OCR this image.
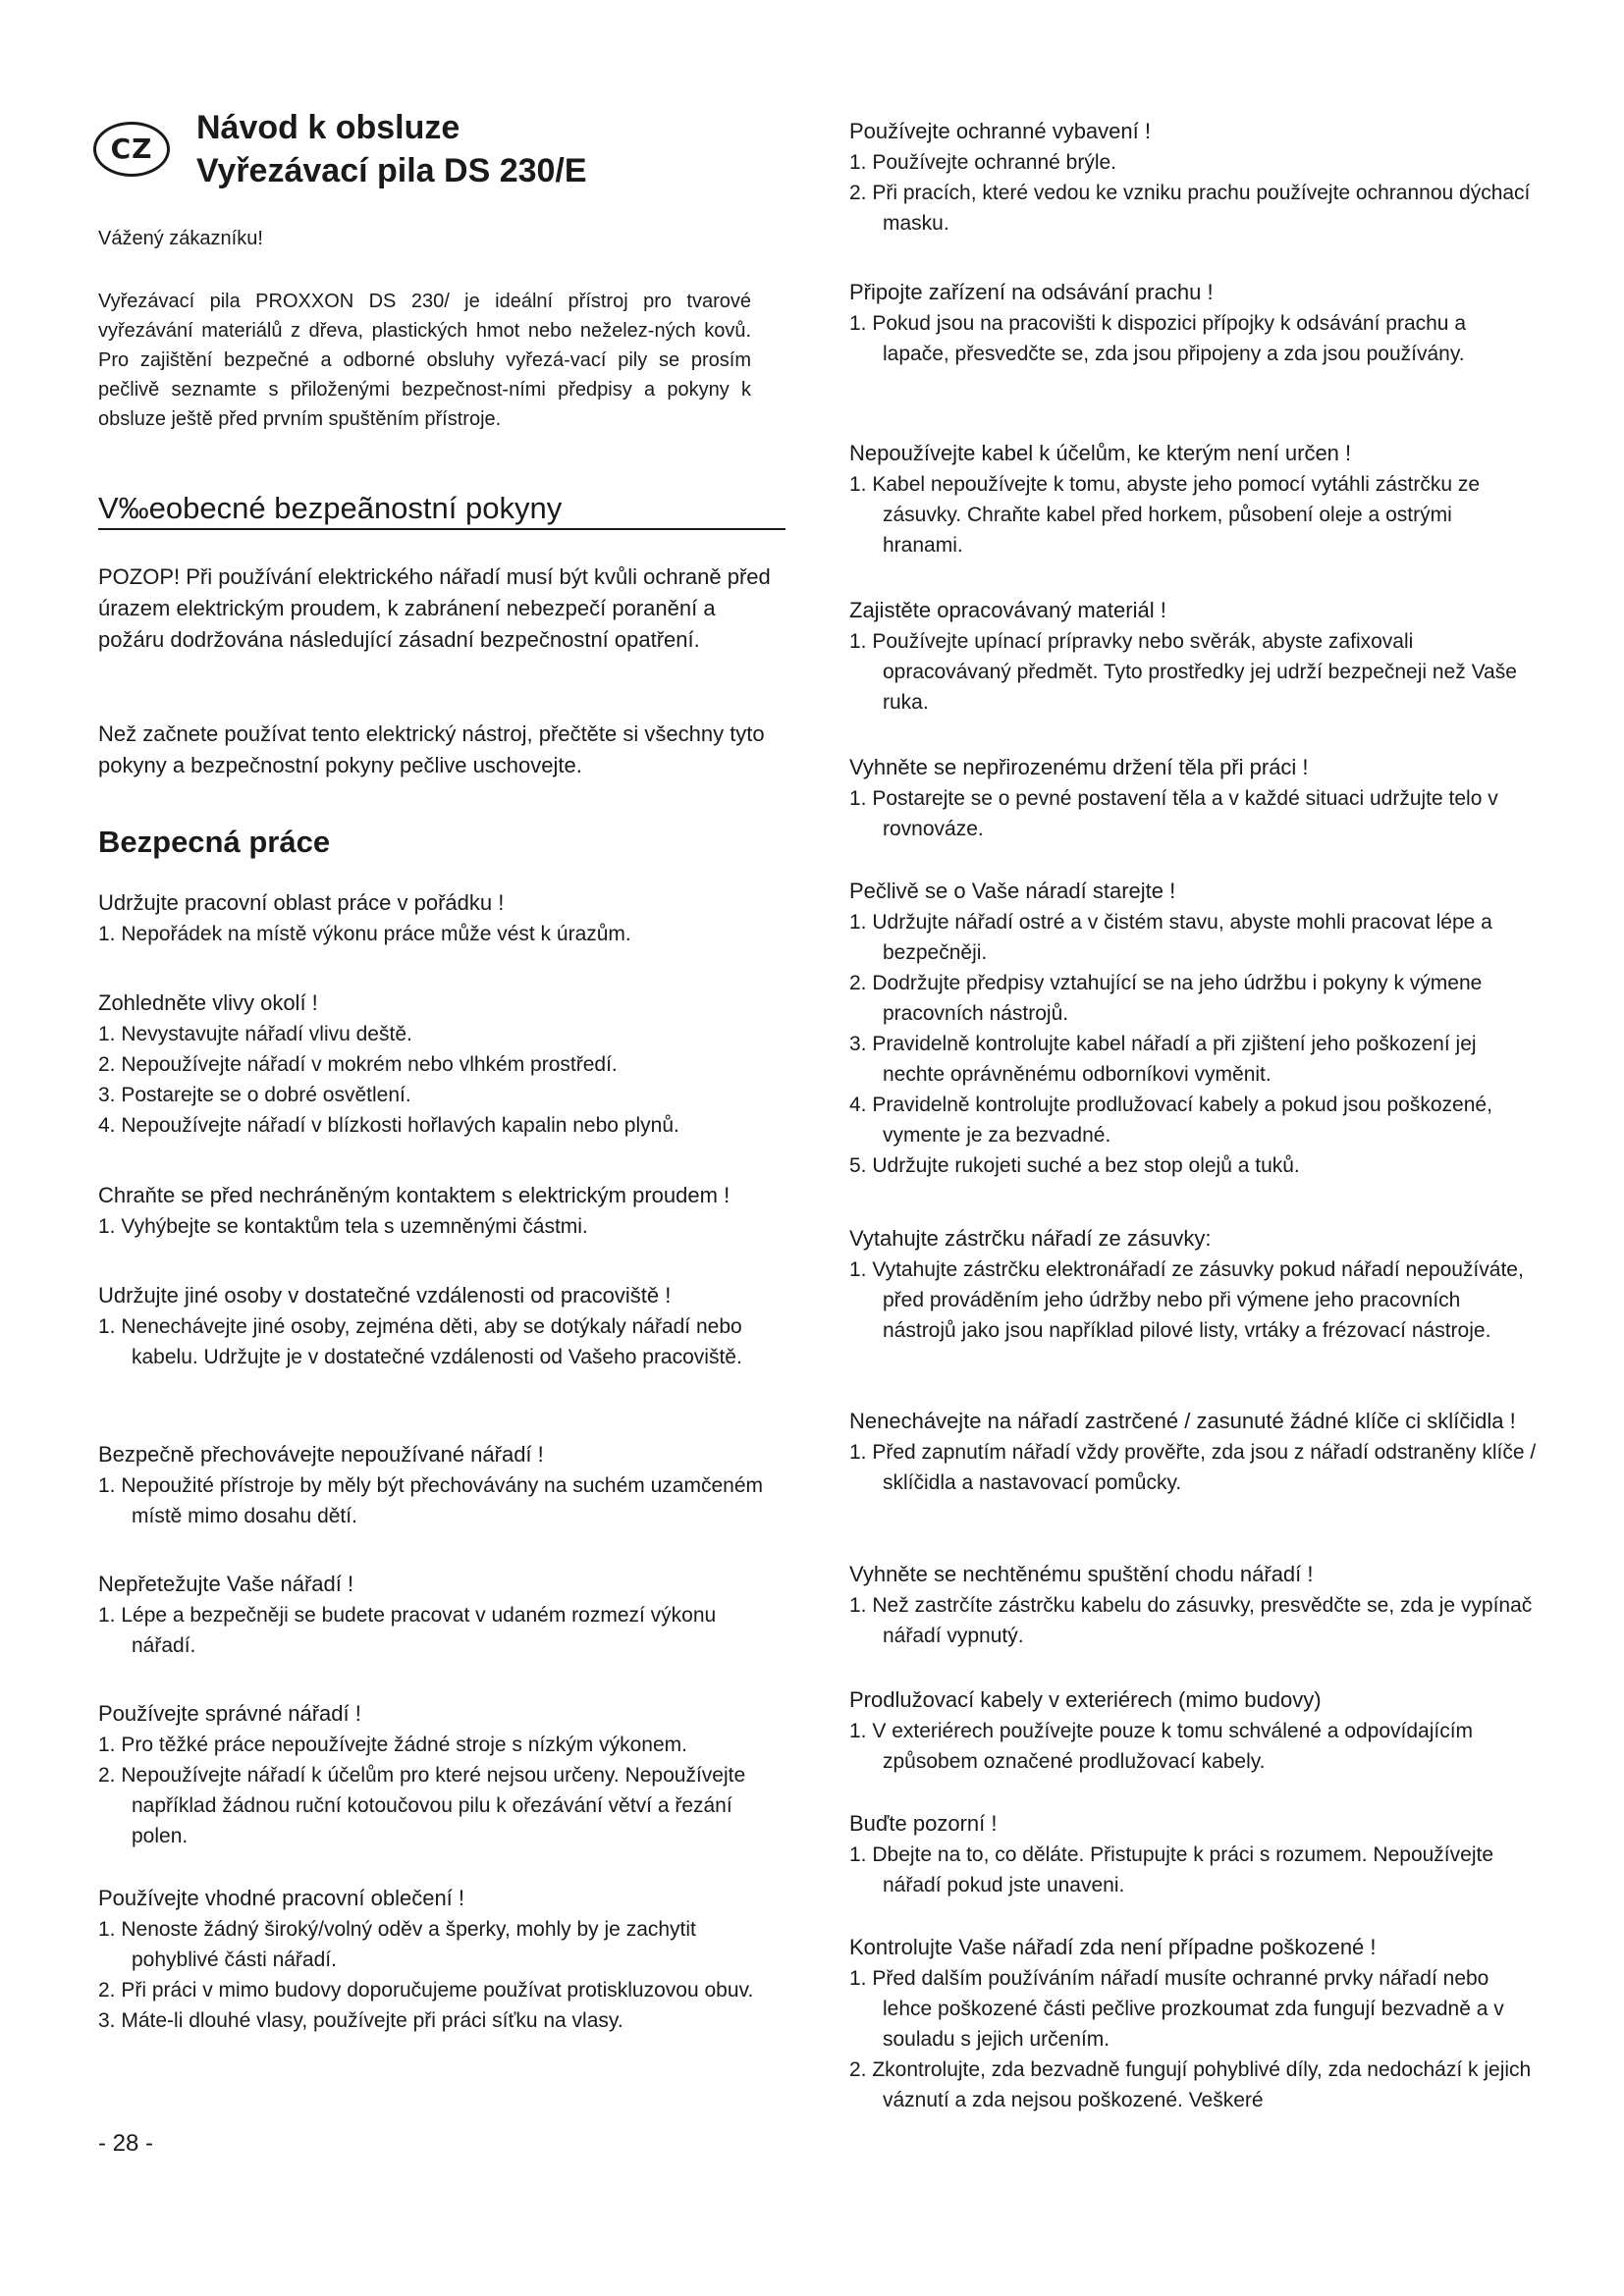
CZ
Návod k obsluze
Vyřezávací pila DS 230/E
Vážený zákazníku!
Vyřezávací pila PROXXON DS 230/ je ideální přístroj pro tvarové vyřezávání materiálů z dřeva, plastických hmot nebo neželez-ných kovů. Pro zajištění bezpečné a odborné obsluhy vyřezá-vací pily se prosím pečlivě seznamte s přiloženými bezpečnost-ními předpisy a pokyny k obsluze ještě před prvním spuštěním přístroje.
V‰eobecné bezpeãnostní pokyny
POZOP! Při používání elektrického nářadí musí být kvůli ochraně před úrazem elektrickým proudem, k zabránení nebezpečí poranění a požáru dodržována následující zásadní bezpečnostní opatření.
Než začnete používat tento elektrický nástroj, přečtěte si všechny tyto pokyny a bezpečnostní pokyny pečlive uschovejte.
Bezpecná práce
Udržujte pracovní oblast práce v pořádku !
1. Nepořádek na místě výkonu práce může vést k úrazům.
Zohledněte vlivy okolí !
1. Nevystavujte nářadí vlivu deště.
2. Nepoužívejte nářadí v mokrém nebo vlhkém prostředí.
3. Postarejte se o dobré osvětlení.
4. Nepoužívejte nářadí v blízkosti hořlavých kapalin nebo plynů.
Chraňte se před nechráněným kontaktem s elektrickým proudem !
1. Vyhýbejte se kontaktům tela s uzemněnými částmi.
Udržujte jiné osoby v dostatečné vzdálenosti od pracoviště !
1. Nenechávejte jiné osoby, zejména děti, aby se dotýkaly nářadí nebo kabelu. Udržujte je v dostatečné vzdálenosti od Vašeho pracoviště.
Bezpečně přechovávejte nepoužívané nářadí !
1. Nepoužité přístroje by měly být přechovávány na suchém uzamčeném místě mimo dosahu dětí.
Nepřetežujte Vaše nářadí !
1. Lépe a bezpečněji se budete pracovat v udaném rozmezí výkonu nářadí.
Používejte správné nářadí !
1. Pro těžké práce nepoužívejte žádné stroje s nízkým výkonem.
2. Nepoužívejte nářadí k účelům pro které nejsou určeny. Nepoužívejte například žádnou ruční kotoučovou pilu k ořezávání větví a řezání polen.
Používejte vhodné pracovní oblečení !
1. Nenoste žádný široký/volný oděv a šperky, mohly by je zachytit pohyblivé části nářadí.
2. Při práci v mimo budovy doporučujeme používat protiskluzovou obuv.
3. Máte-li dlouhé vlasy, používejte při práci síťku na vlasy.
Používejte ochranné vybavení !
1. Používejte ochranné brýle.
2. Při pracích, které vedou ke vzniku prachu používejte ochrannou dýchací masku.
Připojte zařízení na odsávání prachu !
1. Pokud jsou na pracovišti k dispozici přípojky k odsávání prachu a lapače, přesvedčte se, zda jsou připojeny a zda jsou používány.
Nepoužívejte kabel k účelům, ke kterým není určen !
1. Kabel nepoužívejte k tomu, abyste jeho pomocí vytáhli zástrčku ze zásuvky. Chraňte kabel před horkem, působení oleje a ostrými hranami.
Zajistěte opracovávaný materiál !
1. Používejte upínací prípravky nebo svěrák, abyste zafixovali opracovávaný předmět. Tyto prostředky jej udrží bezpečneji než Vaše ruka.
Vyhněte se nepřirozenému držení těla při práci !
1. Postarejte se o pevné postavení těla a v každé situaci udržujte telo v rovnováze.
Pečlivě se o Vaše náradí starejte !
1. Udržujte nářadí ostré a v čistém stavu, abyste mohli pracovat lépe a bezpečněji.
2. Dodržujte předpisy vztahující se na jeho údržbu i pokyny k výmene pracovních nástrojů.
3. Pravidelně kontrolujte kabel nářadí a při zjištení jeho poškození jej nechte oprávněnému odborníkovi vyměnit.
4. Pravidelně kontrolujte prodlužovací kabely a pokud jsou poškozené, vymente je za bezvadné.
5. Udržujte rukojeti suché a bez stop olejů a tuků.
Vytahujte zástrčku nářadí ze zásuvky:
1. Vytahujte zástrčku elektronářadí ze zásuvky pokud nářadí nepoužíváte, před prováděním jeho údržby nebo při výmene jeho pracovních nástrojů jako jsou například pilové listy, vrtáky a frézovací nástroje.
Nenechávejte na nářadí zastrčené / zasunuté žádné klíče ci sklíčidla !
1. Před zapnutím nářadí vždy prověřte, zda jsou z nářadí odstraněny klíče / sklíčidla a nastavovací pomůcky.
Vyhněte se nechtěnému spuštění chodu nářadí !
1. Než zastrčíte zástrčku kabelu do zásuvky, presvědčte se, zda je vypínač nářadí vypnutý.
Prodlužovací kabely v exteriérech (mimo budovy)
1. V exteriérech používejte pouze k tomu schválené a odpovídajícím způsobem označené prodlužovací kabely.
Buďte pozorní !
1. Dbejte na to, co děláte. Přistupujte k práci s rozumem. Nepoužívejte nářadí pokud jste unaveni.
Kontrolujte Vaše nářadí zda není případne poškozené !
1. Před dalším používáním nářadí musíte ochranné prvky nářadí nebo lehce poškozené části pečlive prozkoumat zda fungují bezvadně a v souladu s jejich určením.
2. Zkontrolujte, zda bezvadně fungují pohyblivé díly, zda nedochází k jejich váznutí a zda nejsou poškozené. Veškeré
- 28 -
